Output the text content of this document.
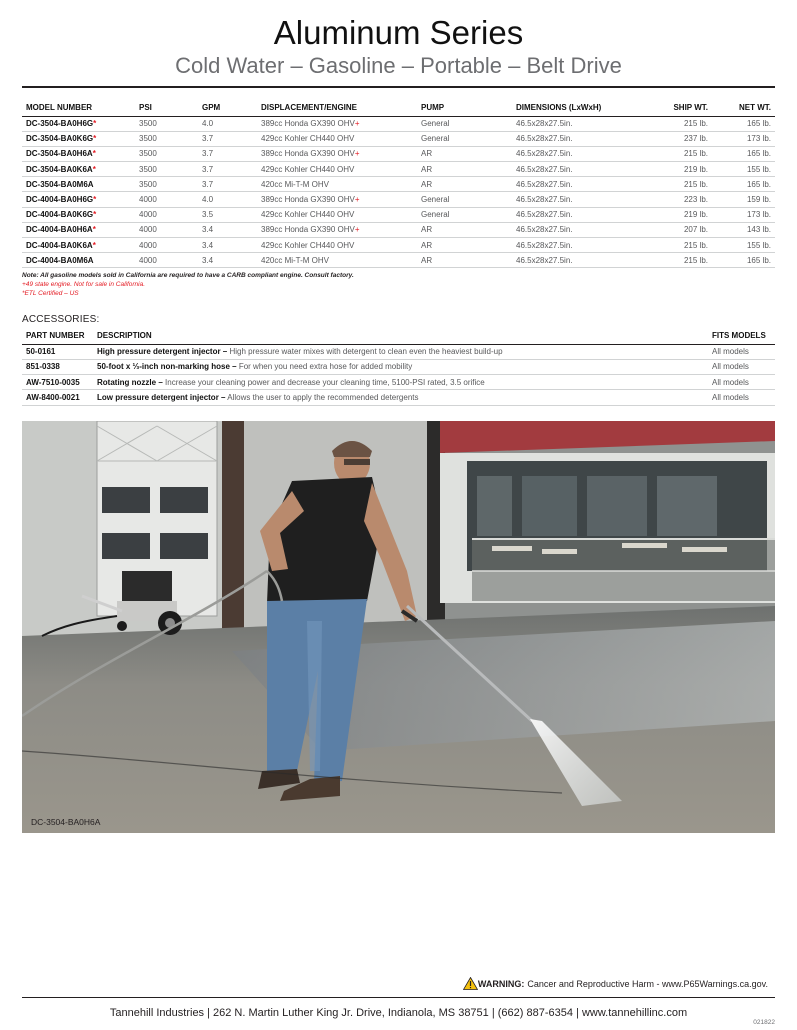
Aluminum Series
Cold Water – Gasoline – Portable – Belt Drive
MODEL NUMBER	PSI	GPM	DISPLACEMENT/ENGINE	PUMP	DIMENSIONS (LxWxH)	SHIP WT.	NET WT.
DC-3504-BA0H6G*	3500	4.0	389cc Honda GX390 OHV+	General	46.5x28x27.5in.	215 lb.	165 lb.
DC-3504-BA0K6G*	3500	3.7	429cc Kohler CH440 OHV	General	46.5x28x27.5in.	237 lb.	173 lb.
DC-3504-BA0H6A*	3500	3.7	389cc Honda GX390 OHV+	AR	46.5x28x27.5in.	215 lb.	165 lb.
DC-3504-BA0K6A*	3500	3.7	429cc Kohler CH440 OHV	AR	46.5x28x27.5in.	219 lb.	155 lb.
DC-3504-BA0M6A	3500	3.7	420cc Mi-T-M OHV	AR	46.5x28x27.5in.	215 lb.	165 lb.
DC-4004-BA0H6G*	4000	4.0	389cc Honda GX390 OHV+	General	46.5x28x27.5in.	223 lb.	159 lb.
DC-4004-BA0K6G*	4000	3.5	429cc Kohler CH440 OHV	General	46.5x28x27.5in.	219 lb.	173 lb.
DC-4004-BA0H6A*	4000	3.4	389cc Honda GX390 OHV+	AR	46.5x28x27.5in.	207 lb.	143 lb.
DC-4004-BA0K6A*	4000	3.4	429cc Kohler CH440 OHV	AR	46.5x28x27.5in.	215 lb.	155 lb.
DC-4004-BA0M6A	4000	3.4	420cc Mi-T-M OHV	AR	46.5x28x27.5in.	215 lb.	165 lb.
Note: All gasoline models sold in California are required to have a CARB compliant engine. Consult factory.
+49 state engine. Not for sale in California.
*ETL Certified – US
ACCESSORIES:
PART NUMBER	DESCRIPTION	FITS MODELS
50-0161	High pressure detergent injector – High pressure water mixes with detergent to clean even the heaviest build-up	All models
851-0338	50-foot x ⅓-inch non-marking hose – For when you need extra hose for added mobility	All models
AW-7510-0035	Rotating nozzle – Increase your cleaning power and decrease your cleaning time, 5100-PSI rated, 3.5 orifice	All models
AW-8400-0021	Low pressure detergent injector – Allows the user to apply the recommended detergents	All models
DC-3504-BA0H6A
WARNING: Cancer and Reproductive Harm - www.P65Warnings.ca.gov.
Tannehill Industries | 262 N. Martin Luther King Jr. Drive, Indianola, MS 38751 | (662) 887-6354 | www.tannehillinc.com
021822
